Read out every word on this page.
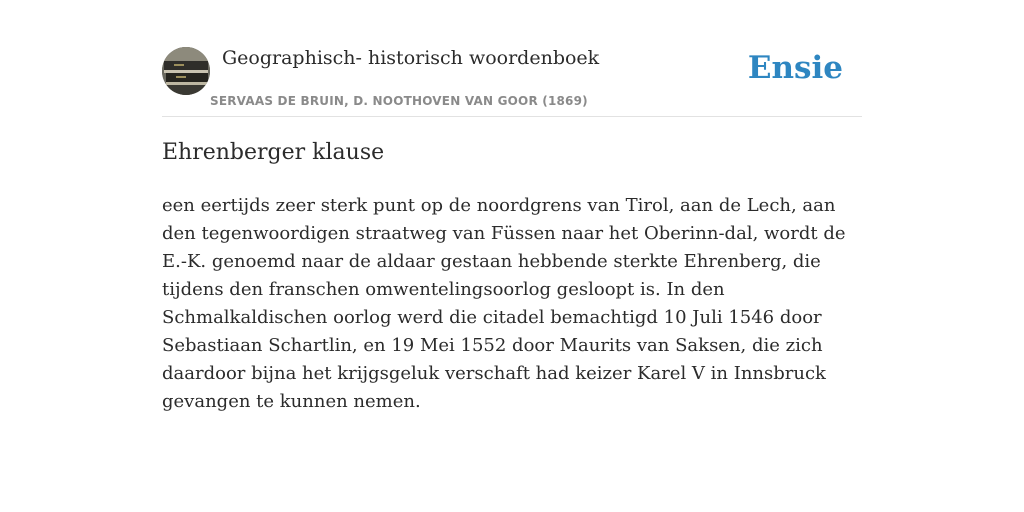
Geographisch- historisch woordenboek
SERVAAS DE BRUIN, D. NOOTHOVEN VAN GOOR (1869)
Ensie
Ehrenberger klause

een eertijds zeer sterk punt op de noordgrens van Tirol, aan de Lech, aan den tegenwoordigen straatweg van Füssen naar het Oberinn-dal, wordt de E.-K. genoemd naar de aldaar gestaan hebbende sterkte Ehrenberg, die tijdens den franschen omwentelingsoorlog gesloopt is. In den Schmalkaldischen oorlog werd die citadel bemachtigd 10 Juli 1546 door Sebastiaan Schartlin, en 19 Mei 1552 door Maurits van Saksen, die zich daardoor bijna het krijgsgeluk verschaft had keizer Karel V in Innsbruck gevangen te kunnen nemen.
